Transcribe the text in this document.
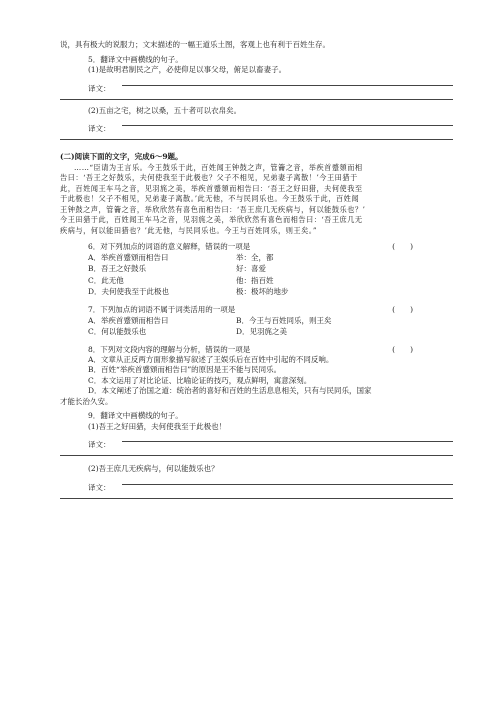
说，具有极大的说服力；文末描述的一幅王道乐土图，客观上也有利于百姓生存。
5．翻译文中画横线的句子。
(1)是故明君制民之产，必使仰足以事父母，俯足以畜妻子。
译文：
(2)五亩之宅，树之以桑，五十者可以衣帛矣。
译文：
(二)阅读下面的文字，完成6～9题。
……“臣请为王言乐。今王鼓乐于此，百姓闻王钟鼓之声，管籥之音，举疾首蹙頞而相
告曰：‘吾王之好鼓乐，夫何使我至于此极也？父子不相见，兄弟妻子离散！’今王田猎于
此，百姓闻王车马之音，见羽旄之美，举疾首蹙頞而相告曰：‘吾王之好田猎，夫何使我至
于此极也！父子不相见，兄弟妻子离散。’此无他，不与民同乐也。今王鼓乐于此，百姓闻
王钟鼓之声，管籥之音，举欣欣然有喜色而相告曰：‘吾王庶几无疾病与，何以能鼓乐也？’
今王田猎于此，百姓闻王车马之音，见羽旄之美，举欣欣然有喜色而相告曰：‘吾王庶几无
疾病与，何以能田猎也？’此无他，与民同乐也。今王与百姓同乐，则王矣。”
6．对下列加点的词语的意义解释，错误的一项是	(　　)
A．举疾首蹙頞而相告曰	举：全，都
B．吾王之好鼓乐	好：喜爱
C．此无他	他：指百姓
D．夫何使我至于此极也	极：极坏的地步
7．下列加点的词语不属于词类活用的一项是	(　　)
A．举疾首蹙頞而相告曰	B．今王与百姓同乐，则王矣
C．何以能鼓乐也	D．见羽旄之美
8．下列对文段内容的理解与分析，错误的一项是	(　　)
A．文章从正反两方面形象描写叙述了王娱乐后在百姓中引起的不同反响。
B．百姓“举疾首蹙頞而相告曰”的原因是王不能与民同乐。
C．本文运用了对比论证、比喻论证的技巧，观点鲜明，寓意深刻。
D．本文阐述了治国之道：统治者的喜好和百姓的生活息息相关，只有与民同乐，国家
才能长治久安。
9．翻译文中画横线的句子。
(1)吾王之好田猎，夫何使我至于此极也！
译文：
(2)吾王庶几无疾病与，何以能鼓乐也？
译文：
